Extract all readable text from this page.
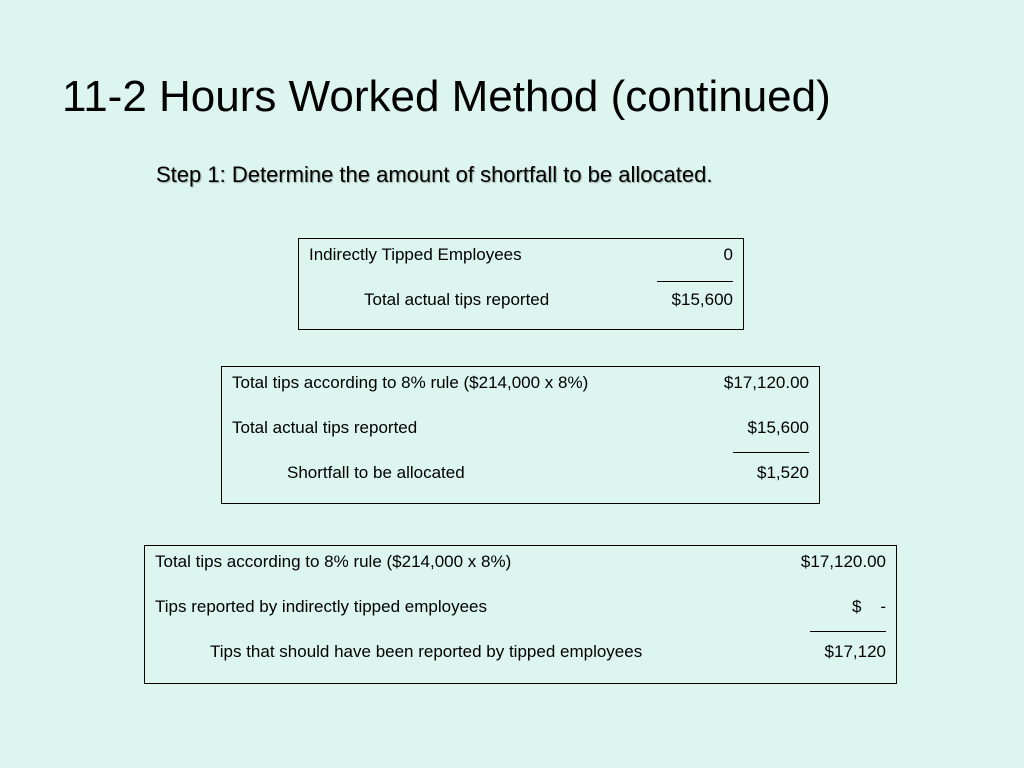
11-2 Hours Worked Method (continued)

Step 1: Determine the amount of shortfall to be allocated.

Indirectly Tipped Employees	0
Total actual tips reported	$15,600
Total tips according to 8% rule ($214,000 x 8%)	$17,120.00
Total actual tips reported	$15,600
Shortfall to be allocated	$1,520
Total tips according to 8% rule ($214,000 x 8%)	$17,120.00
Tips reported by indirectly tipped employees	$    -
Tips that should have been reported by tipped employees	$17,120
